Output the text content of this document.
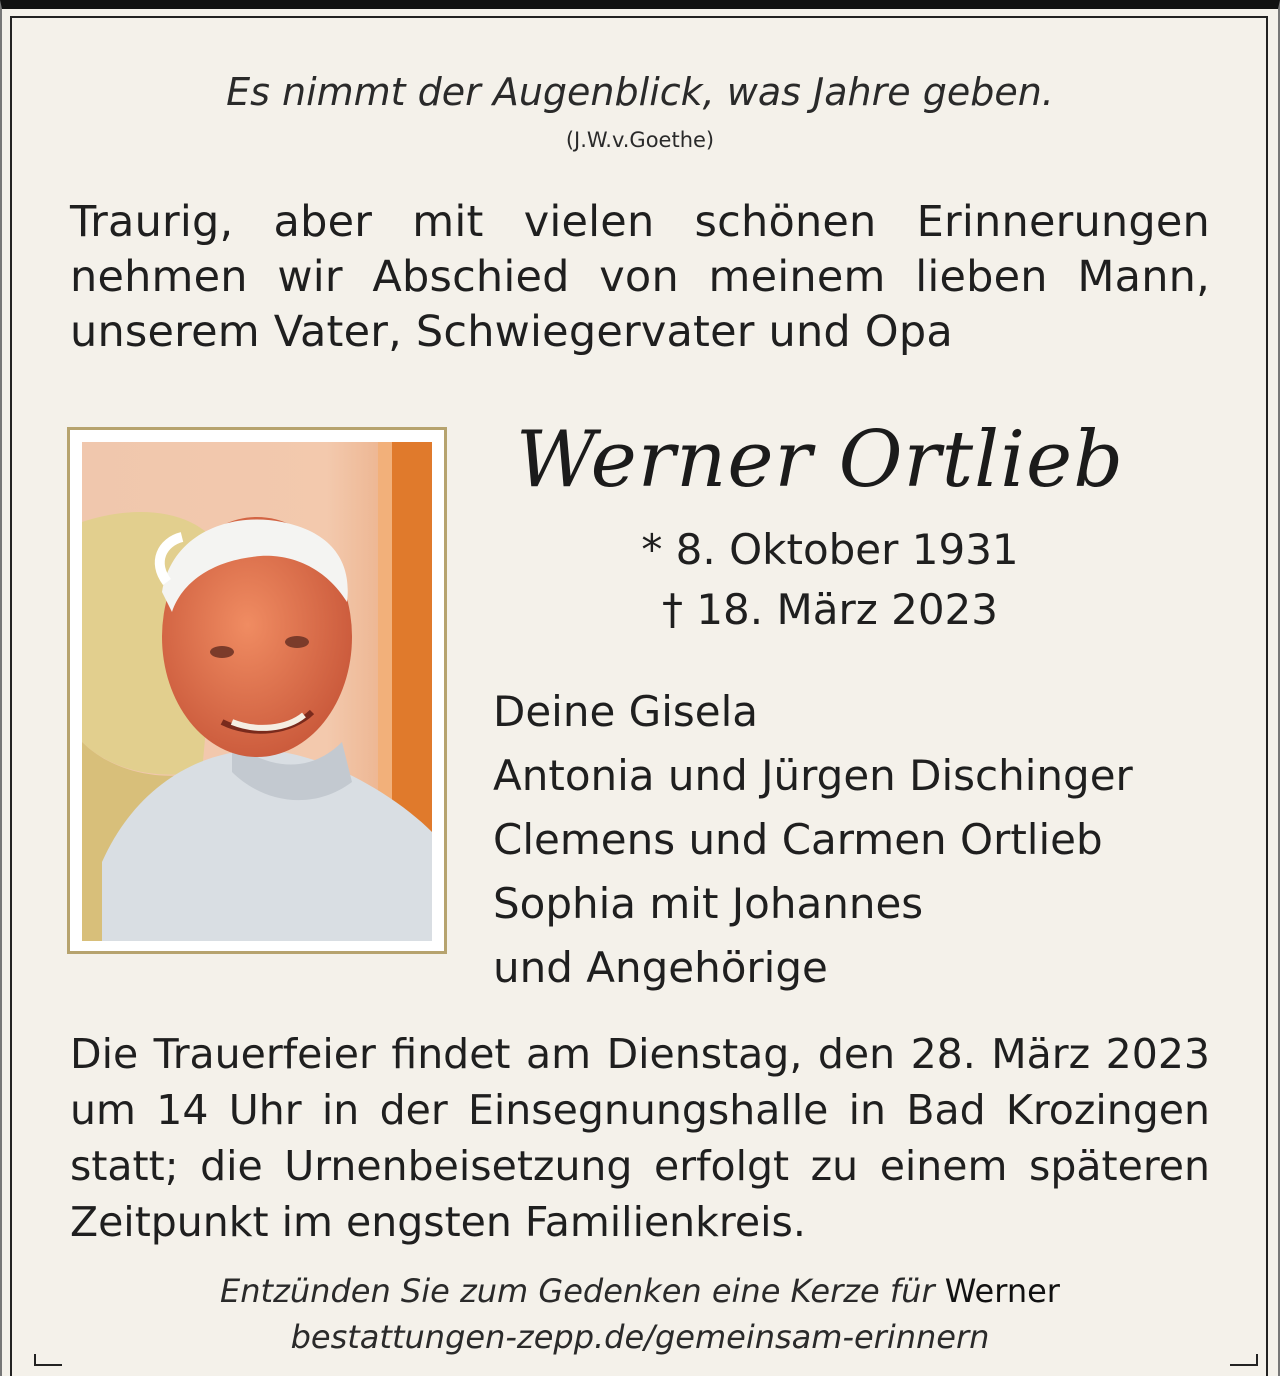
Es nimmt der Augenblick, was Jahre geben.
(J.W.v.Goethe)
Traurig, aber mit vielen schönen Erinnerungen nehmen wir Abschied von meinem lieben Mann, unserem Vater, Schwiegervater und Opa
Werner Ortlieb
* 8. Oktober 1931
† 18. März 2023
Deine Gisela
Antonia und Jürgen Dischinger
Clemens und Carmen Ortlieb
Sophia mit Johannes
und Angehörige
Die Trauerfeier findet am Dienstag, den 28. März 2023 um 14 Uhr in der Einsegnungshalle in Bad Krozingen statt; die Urnenbeisetzung erfolgt zu einem späteren Zeitpunkt im engsten Familienkreis.
Entzünden Sie zum Gedenken eine Kerze für Werner
bestattungen-zepp.de/gemeinsam-erinnern
